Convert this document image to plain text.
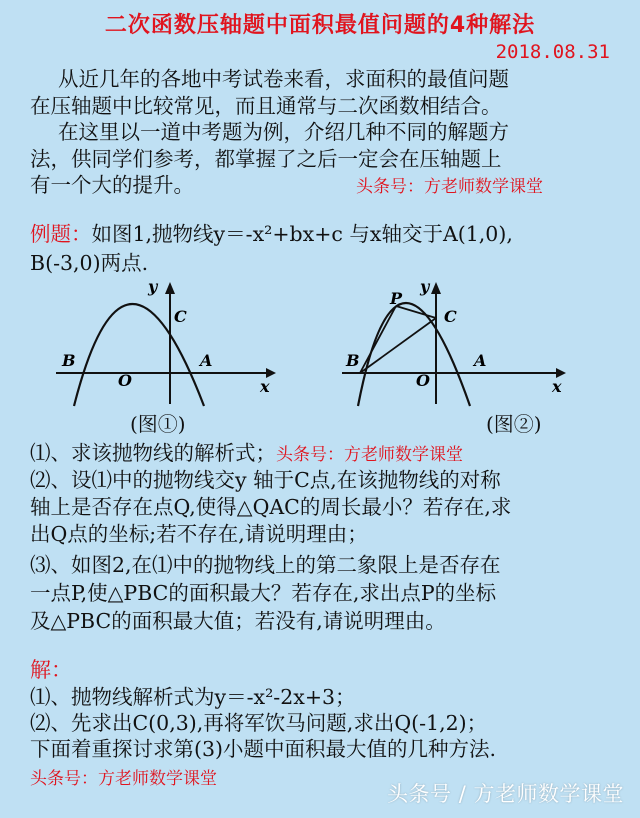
二次函数压轴题中面积最值问题的4种解法
2018.08.31
从近几年的各地中考试卷来看，求面积的最值问题
在压轴题中比较常见，而且通常与二次函数相结合。
在这里以一道中考题为例，介绍几种不同的解题方
法，供同学们参考，都掌握了之后一定会在压轴题上
有一个大的提升。	头条号：方老师数学课堂
例题：如图1,抛物线y＝-x²+bx+c 与x轴交于A(1,0),
B(-3,0)两点.
y
C
B	A
O	x
(图①)
y
P
C
B	A
O	x
(图②)
⑴、求该抛物线的解析式；头条号：方老师数学课堂
⑵、设⑴中的抛物线交y 轴于C点,在该抛物线的对称
轴上是否存在点Q,使得△QAC的周长最小？若存在,求
出Q点的坐标;若不存在,请说明理由；
⑶、如图2,在⑴中的抛物线上的第二象限上是否存在
一点P,使△PBC的面积最大？若存在,求出点P的坐标
及△PBC的面积最大值；若没有,请说明理由。
解：
⑴、抛物线解析式为y＝-x²-2x+3；
⑵、先求出C(0,3),再将军饮马问题,求出Q(-1,2)；
下面着重探讨求第(3)小题中面积最大值的几种方法.
头条号：方老师数学课堂
头条号 / 方老师数学课堂
